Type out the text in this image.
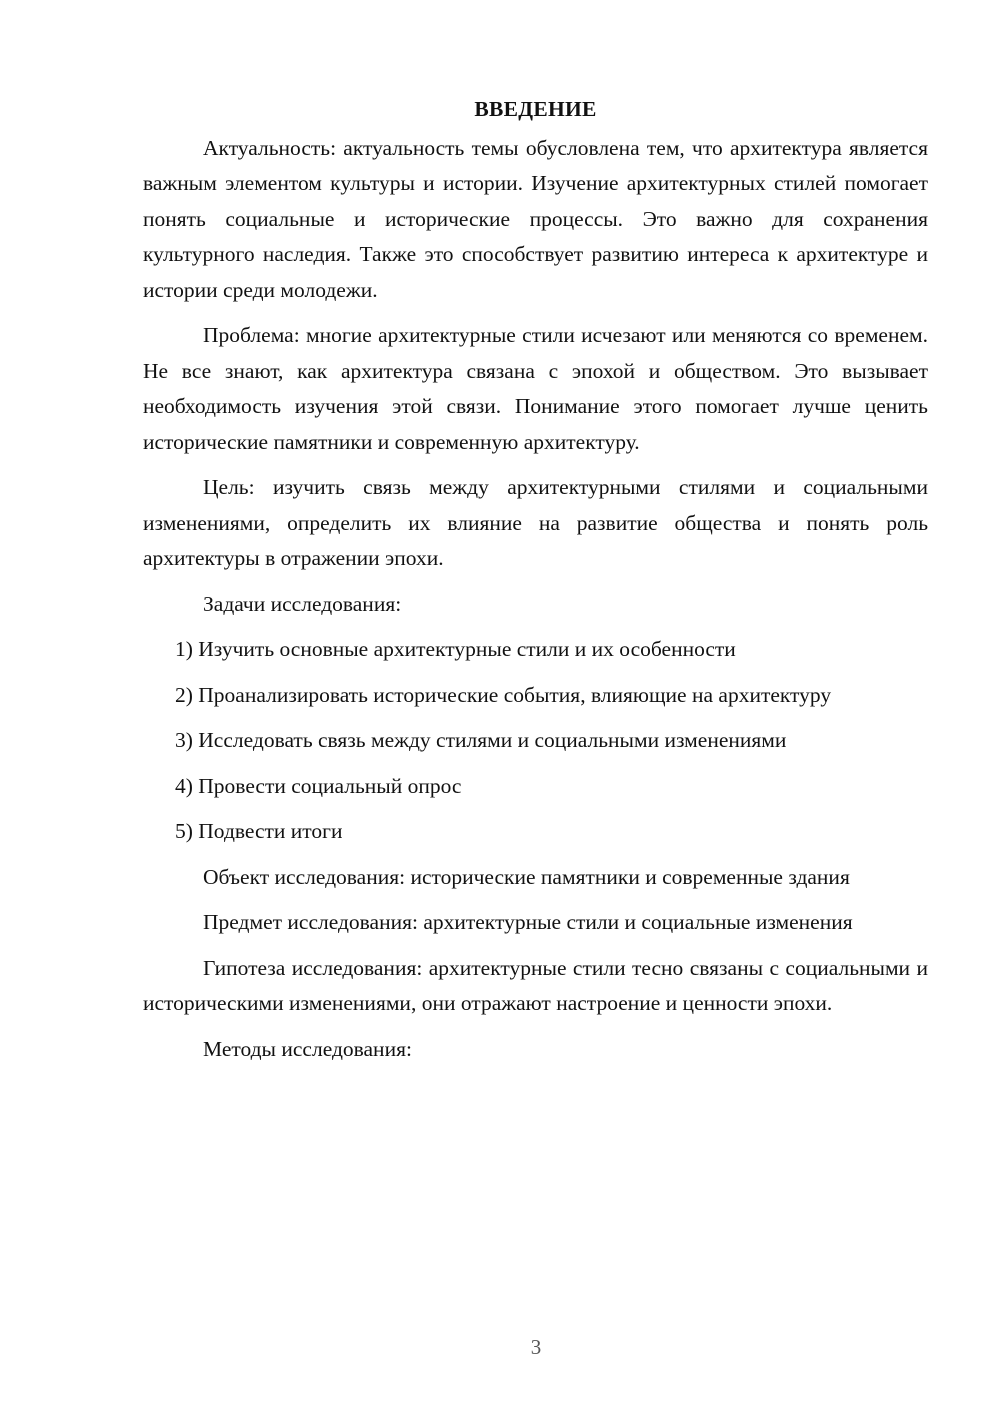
ВВЕДЕНИЕ

Актуальность: актуальность темы обусловлена тем, что архитектура является важным элементом культуры и истории. Изучение архитектурных стилей помогает понять социальные и исторические процессы. Это важно для сохранения культурного наследия. Также это способствует развитию интереса к архитектуре и истории среди молодежи.

Проблема: многие архитектурные стили исчезают или меняются со временем. Не все знают, как архитектура связана с эпохой и обществом. Это вызывает необходимость изучения этой связи. Понимание этого помогает лучше ценить исторические памятники и современную архитектуру.

Цель: изучить связь между архитектурными стилями и социальными изменениями, определить их влияние на развитие общества и понять роль архитектуры в отражении эпохи.

Задачи исследования:

1) Изучить основные архитектурные стили и их особенности

2) Проанализировать исторические события, влияющие на архитектуру

3) Исследовать связь между стилями и социальными изменениями

4) Провести социальный опрос

5) Подвести итоги

Объект исследования: исторические памятники и современные здания

Предмет исследования: архитектурные стили и социальные изменения

Гипотеза исследования: архитектурные стили тесно связаны с социальными и историческими изменениями, они отражают настроение и ценности эпохи.

Методы исследования:

3
